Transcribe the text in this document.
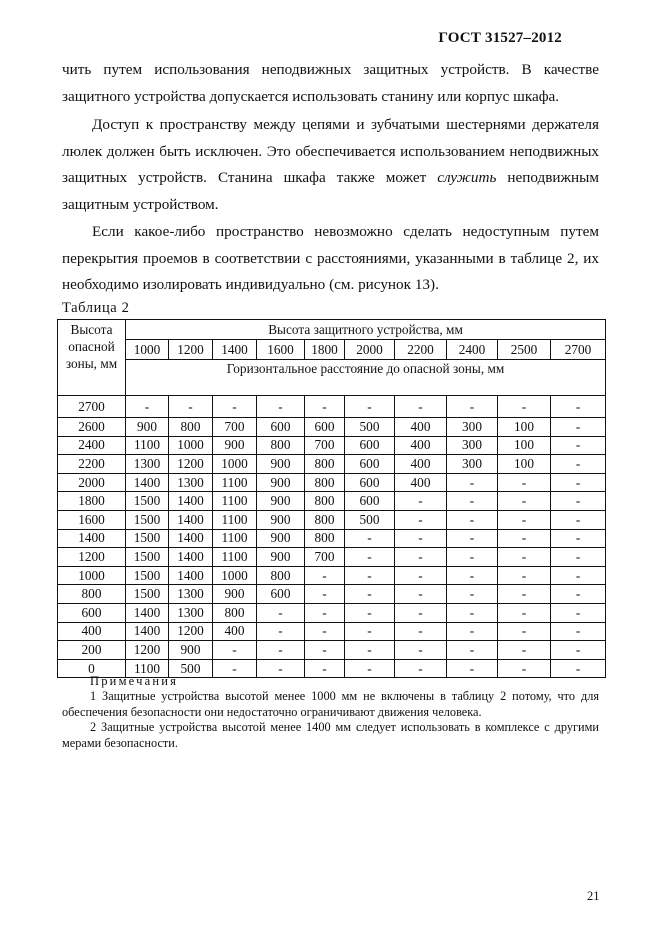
ГОСТ 31527–2012
чить путем использования неподвижных защитных устройств. В качестве защитного устройства допускается использовать станину или корпус шкафа.
Доступ к пространству между цепями и зубчатыми шестернями держателя люлек должен быть исключен. Это обеспечивается использованием неподвижных защитных устройств. Станина шкафа также может служить неподвижным защитным устройством.
Если какое-либо пространство невозможно сделать недоступным путем перекрытия проемов в соответствии с расстояниями, указанными в таблице 2, их необходимо изолировать индивидуально (см. рисунок 13).
Таблица 2
Высота опасной зоны, мм	Высота защитного устройства, мм									
	1000	1200	1400	1600	1800	2000	2200	2400	2500	2700
	Горизонтальное расстояние до опасной зоны, мм									
2700	-	-	-	-	-	-	-	-	-	-
2600	900	800	700	600	600	500	400	300	100	-
2400	1100	1000	900	800	700	600	400	300	100	-
2200	1300	1200	1000	900	800	600	400	300	100	-
2000	1400	1300	1100	900	800	600	400	-	-	-
1800	1500	1400	1100	900	800	600	-	-	-	-
1600	1500	1400	1100	900	800	500	-	-	-	-
1400	1500	1400	1100	900	800	-	-	-	-	-
1200	1500	1400	1100	900	700	-	-	-	-	-
1000	1500	1400	1000	800	-	-	-	-	-	-
800	1500	1300	900	600	-	-	-	-	-	-
600	1400	1300	800	-	-	-	-	-	-	-
400	1400	1200	400	-	-	-	-	-	-	-
200	1200	900	-	-	-	-	-	-	-	-
0	1100	500	-	-	-	-	-	-	-	-
Примечания
1 Защитные устройства высотой менее 1000 мм не включены в таблицу 2 потому, что для обеспечения безопасности они недостаточно ограничивают движения человека.
2 Защитные устройства высотой менее 1400 мм следует использовать в комплексе с другими мерами безопасности.
21
